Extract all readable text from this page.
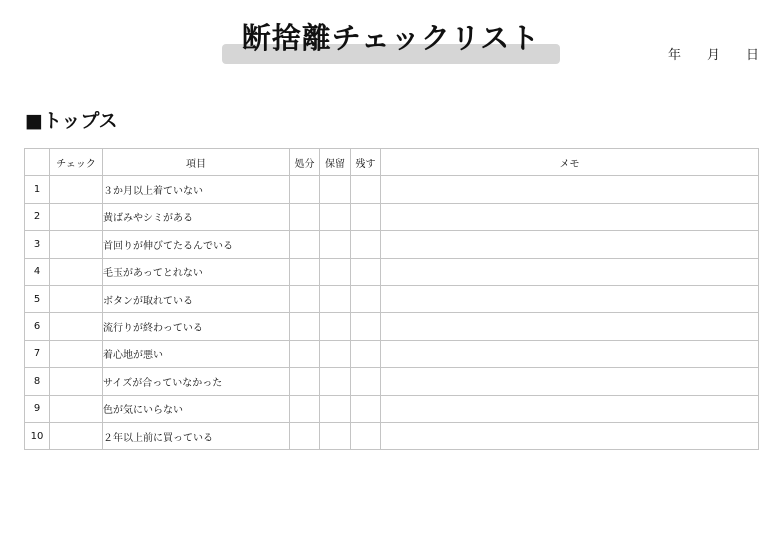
断捨離チェックリスト
年 月 日
■トップス
	チェック	項目	処分	保留	残す	メモ
1		３か月以上着ていない				
2		黄ばみやシミがある				
3		首回りが伸びてたるんでいる				
4		毛玉があってとれない				
5		ボタンが取れている				
6		流行りが終わっている				
7		着心地が悪い				
8		サイズが合っていなかった				
9		色が気にいらない				
10		２年以上前に買っている				
